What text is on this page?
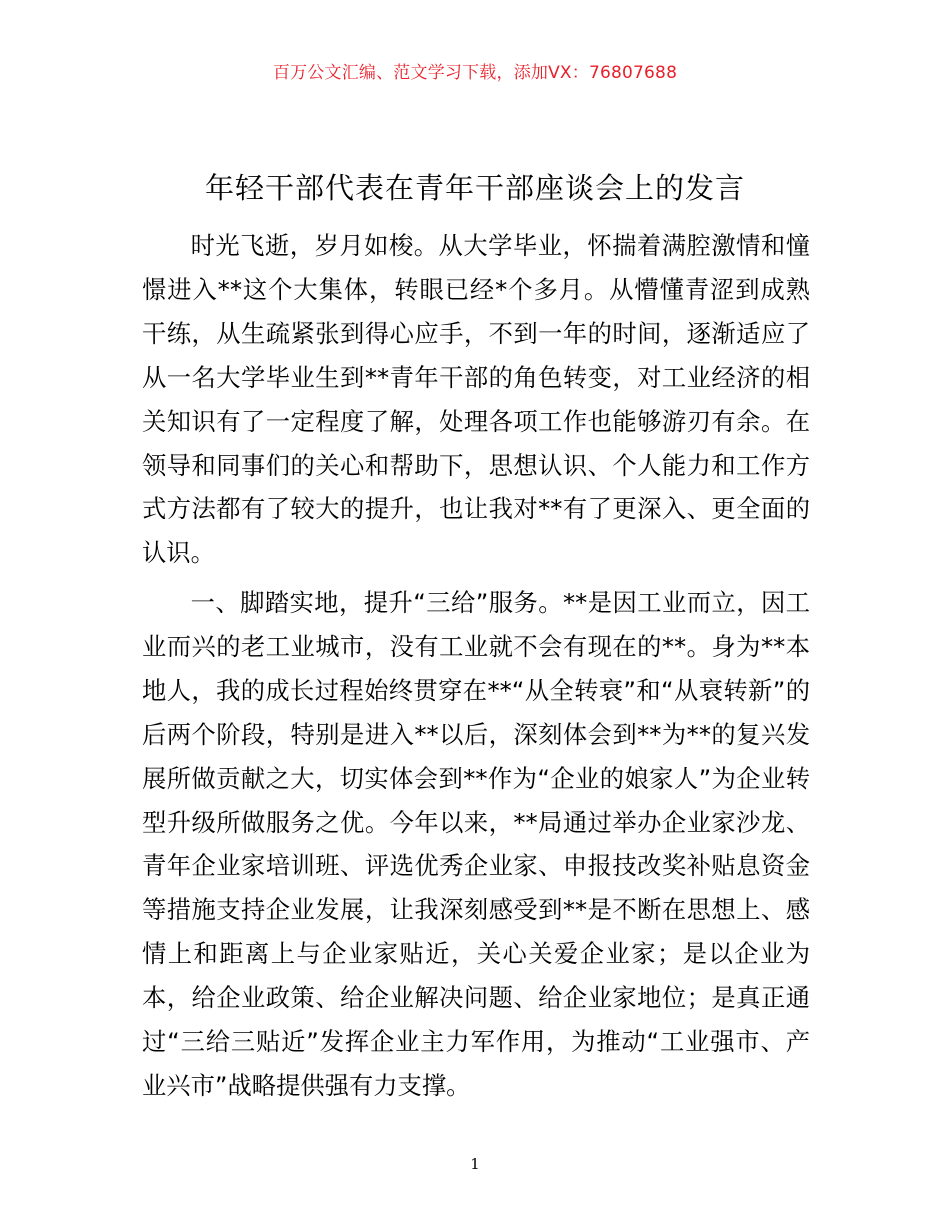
百万公文汇编、范文学习下载，添加VX：76807688
年轻干部代表在青年干部座谈会上的发言

时光飞逝，岁月如梭。从大学毕业，怀揣着满腔激情和憧憬进入**这个大集体，转眼已经*个多月。从懵懂青涩到成熟干练，从生疏紧张到得心应手，不到一年的时间，逐渐适应了从一名大学毕业生到**青年干部的角色转变，对工业经济的相关知识有了一定程度了解，处理各项工作也能够游刃有余。在领导和同事们的关心和帮助下，思想认识、个人能力和工作方式方法都有了较大的提升，也让我对**有了更深入、更全面的认识。

一、脚踏实地，提升“三给”服务。**是因工业而立，因工业而兴的老工业城市，没有工业就不会有现在的**。身为**本地人，我的成长过程始终贯穿在**“从全转衰”和“从衰转新”的后两个阶段，特别是进入**以后，深刻体会到**为**的复兴发展所做贡献之大，切实体会到**作为“企业的娘家人”为企业转型升级所做服务之优。今年以来，**局通过举办企业家沙龙、青年企业家培训班、评选优秀企业家、申报技改奖补贴息资金等措施支持企业发展，让我深刻感受到**是不断在思想上、感情上和距离上与企业家贴近，关心关爱企业家；是以企业为本，给企业政策、给企业解决问题、给企业家地位；是真正通过“三给三贴近”发挥企业主力军作用，为推动“工业强市、产业兴市”战略提供强有力支撑。

1
